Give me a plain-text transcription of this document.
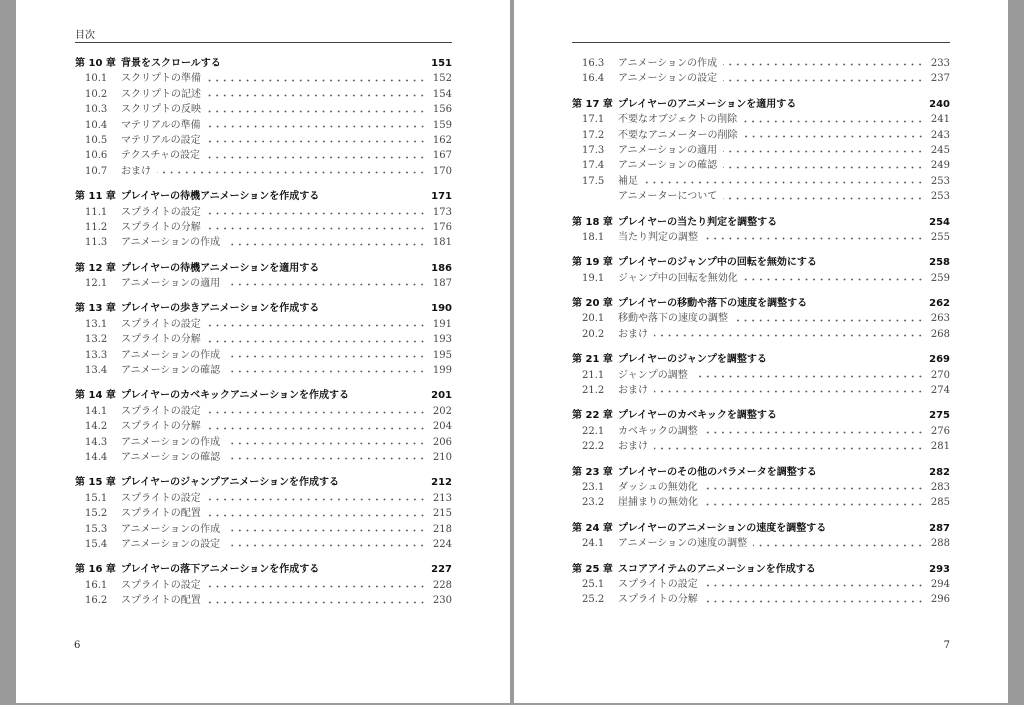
目次
第 10 章 背景をスクロールする	151
10.1	スクリプトの準備	152
10.2	スクリプトの記述	154
10.3	スクリプトの反映	156
10.4	マテリアルの準備	159
10.5	マテリアルの設定	162
10.6	テクスチャの設定	167
10.7	おまけ	170
第 11 章 プレイヤーの待機アニメーションを作成する	171
11.1	スプライトの設定	173
11.2	スプライトの分解	176
11.3	アニメーションの作成	181
第 12 章 プレイヤーの待機アニメーションを適用する	186
12.1	アニメーションの適用	187
第 13 章 プレイヤーの歩きアニメーションを作成する	190
13.1	スプライトの設定	191
13.2	スプライトの分解	193
13.3	アニメーションの作成	195
13.4	アニメーションの確認	199
第 14 章 プレイヤーのカベキックアニメーションを作成する	201
14.1	スプライトの設定	202
14.2	スプライトの分解	204
14.3	アニメーションの作成	206
14.4	アニメーションの確認	210
第 15 章 プレイヤーのジャンプアニメーションを作成する	212
15.1	スプライトの設定	213
15.2	スプライトの配置	215
15.3	アニメーションの作成	218
15.4	アニメーションの設定	224
第 16 章 プレイヤーの落下アニメーションを作成する	227
16.1	スプライトの設定	228
16.2	スプライトの配置	230
6
16.3	アニメーションの作成	233
16.4	アニメーションの設定	237
第 17 章 プレイヤーのアニメーションを適用する	240
17.1	不要なオブジェクトの削除	241
17.2	不要なアニメーターの削除	243
17.3	アニメーションの適用	245
17.4	アニメーションの確認	249
17.5	補足	253
アニメーターについて	253
第 18 章 プレイヤーの当たり判定を調整する	254
18.1	当たり判定の調整	255
第 19 章 プレイヤーのジャンプ中の回転を無効にする	258
19.1	ジャンプ中の回転を無効化	259
第 20 章 プレイヤーの移動や落下の速度を調整する	262
20.1	移動や落下の速度の調整	263
20.2	おまけ	268
第 21 章 プレイヤーのジャンプを調整する	269
21.1	ジャンプの調整	270
21.2	おまけ	274
第 22 章 プレイヤーのカベキックを調整する	275
22.1	カベキックの調整	276
22.2	おまけ	281
第 23 章 プレイヤーのその他のパラメータを調整する	282
23.1	ダッシュの無効化	283
23.2	崖捕まりの無効化	285
第 24 章 プレイヤーのアニメーションの速度を調整する	287
24.1	アニメーションの速度の調整	288
第 25 章 スコアアイテムのアニメーションを作成する	293
25.1	スプライトの設定	294
25.2	スプライトの分解	296
7
